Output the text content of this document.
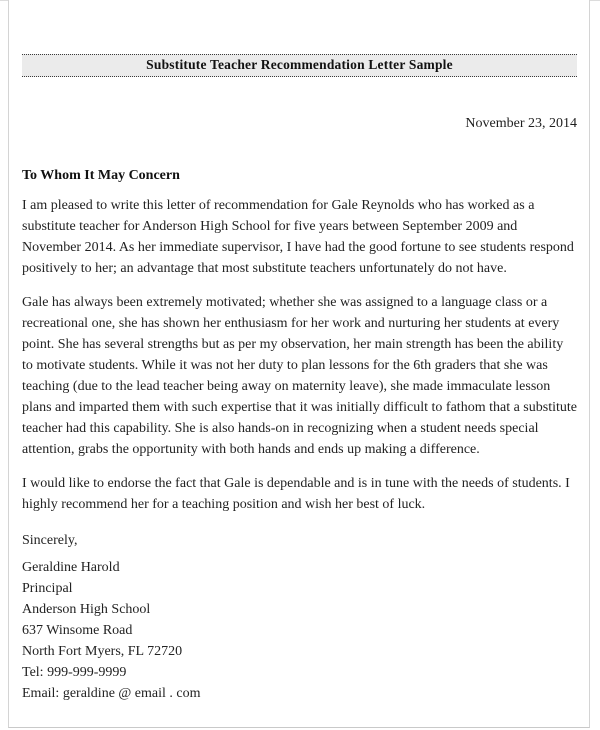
Substitute Teacher Recommendation Letter Sample
November 23, 2014
To Whom It May Concern

I am pleased to write this letter of recommendation for Gale Reynolds who has worked as a substitute teacher for Anderson High School for five years between September 2009 and November 2014. As her immediate supervisor, I have had the good fortune to see students respond positively to her; an advantage that most substitute teachers unfortunately do not have.

Gale has always been extremely motivated; whether she was assigned to a language class or a recreational one, she has shown her enthusiasm for her work and nurturing her students at every point. She has several strengths but as per my observation, her main strength has been the ability to motivate students. While it was not her duty to plan lessons for the 6th graders that she was teaching (due to the lead teacher being away on maternity leave), she made immaculate lesson plans and imparted them with such expertise that it was initially difficult to fathom that a substitute teacher had this capability. She is also hands-on in recognizing when a student needs special attention, grabs the opportunity with both hands and ends up making a difference.

I would like to endorse the fact that Gale is dependable and is in tune with the needs of students. I highly recommend her for a teaching position and wish her best of luck.

Sincerely,
Geraldine Harold
Principal
Anderson High School
637 Winsome Road
North Fort Myers, FL 72720
Tel: 999-999-9999
Email: geraldine @ email . com
